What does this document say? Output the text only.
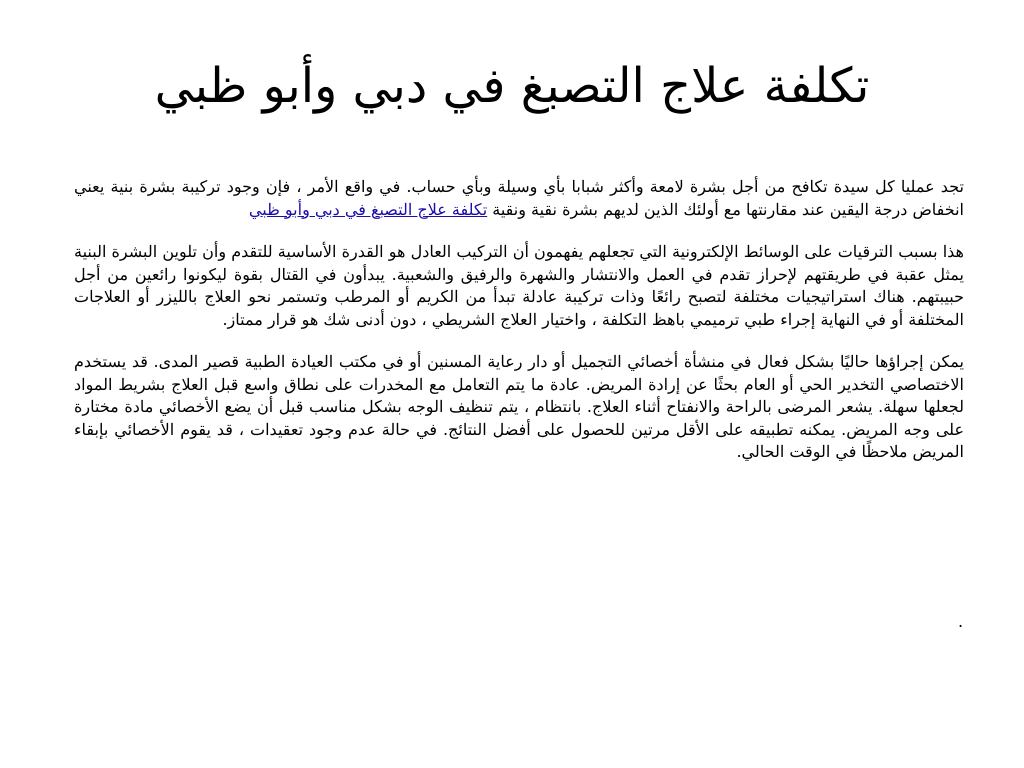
تكلفة علاج التصبغ في دبي وأبو ظبي

تجد عمليا كل سيدة تكافح من أجل بشرة لامعة وأكثر شبابا بأي وسيلة وبأي حساب. في واقع الأمر ، فإن وجود تركيبة بشرة بنية يعني انخفاض درجة اليقين عند مقارنتها مع أولئك الذين لديهم بشرة نقية ونقية تكلفة علاج التصبغ في دبي وأبو ظبي

هذا بسبب الترقيات على الوسائط الإلكترونية التي تجعلهم يفهمون أن التركيب العادل هو القدرة الأساسية للتقدم وأن تلوين البشرة البنية يمثل عقبة في طريقتهم لإحراز تقدم في العمل والانتشار والشهرة والرفيق والشعبية. يبدأون في القتال بقوة ليكونوا رائعين من أجل حبيبتهم. هناك استراتيجيات مختلفة لتصبح رائعًا وذات تركيبة عادلة تبدأ من الكريم أو المرطب وتستمر نحو العلاج بالليزر أو العلاجات المختلفة أو في النهاية إجراء طبي ترميمي باهظ التكلفة ، واختيار العلاج الشريطي ، دون أدنى شك هو قرار ممتاز.

يمكن إجراؤها حاليًا بشكل فعال في منشأة أخصائي التجميل أو دار رعاية المسنين أو في مكتب العيادة الطبية قصير المدى. قد يستخدم الاختصاصي التخدير الحي أو العام بحثًا عن إرادة المريض. عادة ما يتم التعامل مع المخدرات على نطاق واسع قبل العلاج بشريط المواد لجعلها سهلة. يشعر المرضى بالراحة والانفتاح أثناء العلاج. بانتظام ، يتم تنظيف الوجه بشكل مناسب قبل أن يضع الأخصائي مادة مختارة على وجه المريض. يمكنه تطبيقه على الأقل مرتين للحصول على أفضل النتائج. في حالة عدم وجود تعقيدات ، قد يقوم الأخصائي بإبقاء المريض ملاحظًا في الوقت الحالي.

.
